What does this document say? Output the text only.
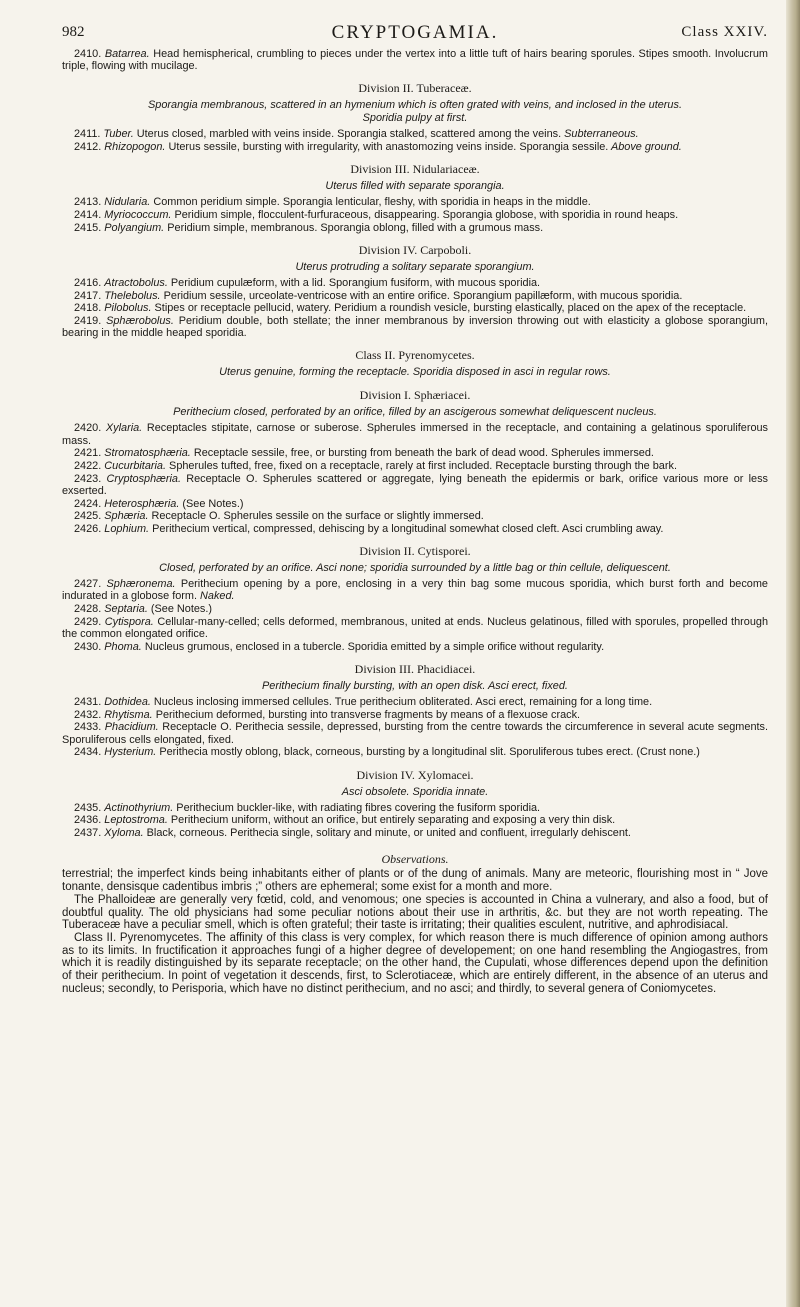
982	CRYPTOGAMIA.	Class XXIV.

2410. Batarrea. Head hemispherical, crumbling to pieces under the vertex into a little tuft of hairs bearing sporules. Stipes smooth. Involucrum triple, flowing with mucilage.

Division II. Tuberaceæ.
Sporangia membranous, scattered in an hymenium which is often grated with veins, and inclosed in the uterus.
Sporidia pulpy at first.

2411. Tuber. Uterus closed, marbled with veins inside. Sporangia stalked, scattered among the veins. Subterraneous.

2412. Rhizopogon. Uterus sessile, bursting with irregularity, with anastomozing veins inside. Sporangia sessile. Above ground.

Division III. Nidulariaceæ.
Uterus filled with separate sporangia.

2413. Nidularia. Common peridium simple. Sporangia lenticular, fleshy, with sporidia in heaps in the middle.

2414. Myriococcum. Peridium simple, flocculent-furfuraceous, disappearing. Sporangia globose, with sporidia in round heaps.

2415. Polyangium. Peridium simple, membranous. Sporangia oblong, filled with a grumous mass.

Division IV. Carpoboli.
Uterus protruding a solitary separate sporangium.

2416. Atractobolus. Peridium cupulæform, with a lid. Sporangium fusiform, with mucous sporidia.

2417. Thelebolus. Peridium sessile, urceolate-ventricose with an entire orifice. Sporangium papillæform, with mucous sporidia.

2418. Pilobolus. Stipes or receptacle pellucid, watery. Peridium a roundish vesicle, bursting elastically, placed on the apex of the receptacle.

2419. Sphærobolus. Peridium double, both stellate; the inner membranous by inversion throwing out with elasticity a globose sporangium, bearing in the middle heaped sporidia.

Class II. Pyrenomycetes.
Uterus genuine, forming the receptacle. Sporidia disposed in asci in regular rows.
Division I. Sphæriacei.
Perithecium closed, perforated by an orifice, filled by an ascigerous somewhat deliquescent nucleus.

2420. Xylaria. Receptacles stipitate, carnose or suberose. Spherules immersed in the receptacle, and containing a gelatinous sporuliferous mass.

2421. Stromatosphæria. Receptacle sessile, free, or bursting from beneath the bark of dead wood. Spherules immersed.

2422. Cucurbitaria. Spherules tufted, free, fixed on a receptacle, rarely at first included. Receptacle bursting through the bark.

2423. Cryptosphæria. Receptacle O. Spherules scattered or aggregate, lying beneath the epidermis or bark, orifice various more or less exserted.

2424. Heterosphæria. (See Notes.)

2425. Sphæria. Receptacle O. Spherules sessile on the surface or slightly immersed.

2426. Lophium. Perithecium vertical, compressed, dehiscing by a longitudinal somewhat closed cleft. Asci crumbling away.

Division II. Cytisporei.
Closed, perforated by an orifice. Asci none; sporidia surrounded by a little bag or thin cellule, deliquescent.

2427. Sphæronema. Perithecium opening by a pore, enclosing in a very thin bag some mucous sporidia, which burst forth and become indurated in a globose form. Naked.

2428. Septaria. (See Notes.)

2429. Cytispora. Cellular-many-celled; cells deformed, membranous, united at ends. Nucleus gelatinous, filled with sporules, propelled through the common elongated orifice.

2430. Phoma. Nucleus grumous, enclosed in a tubercle. Sporidia emitted by a simple orifice without regularity.

Division III. Phacidiacei.
Perithecium finally bursting, with an open disk. Asci erect, fixed.

2431. Dothidea. Nucleus inclosing immersed cellules. True perithecium obliterated. Asci erect, remaining for a long time.

2432. Rhytisma. Perithecium deformed, bursting into transverse fragments by means of a flexuose crack.

2433. Phacidium. Receptacle O. Perithecia sessile, depressed, bursting from the centre towards the circumference in several acute segments. Sporuliferous cells elongated, fixed.

2434. Hysterium. Perithecia mostly oblong, black, corneous, bursting by a longitudinal slit. Sporuliferous tubes erect. (Crust none.)

Division IV. Xylomacei.
Asci obsolete. Sporidia innate.

2435. Actinothyrium. Perithecium buckler-like, with radiating fibres covering the fusiform sporidia.

2436. Leptostroma. Perithecium uniform, without an orifice, but entirely separating and exposing a very thin disk.

2437. Xyloma. Black, corneous. Perithecia single, solitary and minute, or united and confluent, irregularly dehiscent.

Observations.

terrestrial; the imperfect kinds being inhabitants either of plants or of the dung of animals. Many are meteoric, flourishing most in “ Jove tonante, densisque cadentibus imbris ;” others are ephemeral; some exist for a month and more.

The Phalloideæ are generally very fœtid, cold, and venomous; one species is accounted in China a vulnerary, and also a food, but of doubtful quality. The old physicians had some peculiar notions about their use in arthritis, &c. but they are not worth repeating. The Tuberaceæ have a peculiar smell, which is often grateful; their taste is irritating; their qualities esculent, nutritive, and aphrodisiacal.

Class II. Pyrenomycetes. The affinity of this class is very complex, for which reason there is much difference of opinion among authors as to its limits. In fructification it approaches fungi of a higher degree of developement; on one hand resembling the Angiogastres, from which it is readily distinguished by its separate receptacle; on the other hand, the Cupulati, whose differences depend upon the definition of their perithecium. In point of vegetation it descends, first, to Sclerotiaceæ, which are entirely different, in the absence of an uterus and nucleus; secondly, to Perisporia, which have no distinct perithecium, and no asci; and thirdly, to several genera of Coniomycetes.
